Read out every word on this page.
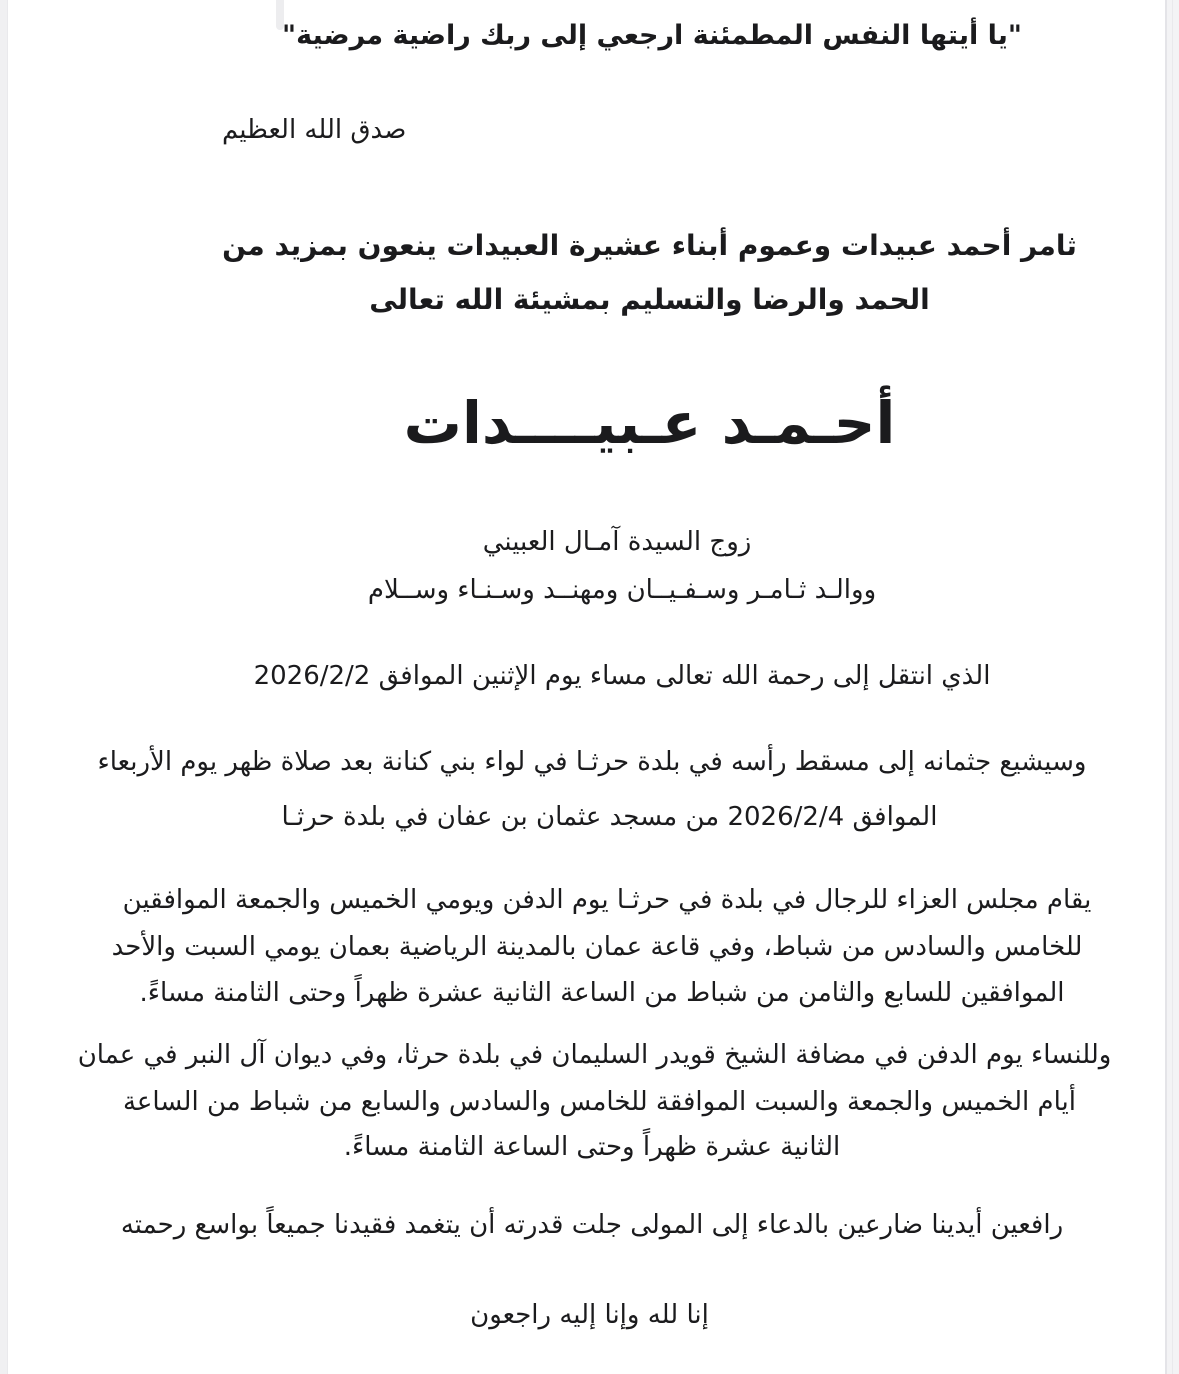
"يا أيتها النفس المطمئنة ارجعي إلى ربك راضية مرضية"
صدق الله العظيم
ثامر أحمد عبيدات وعموم أبناء عشيرة العبيدات ينعون بمزيد من
الحمد والرضا والتسليم بمشيئة الله تعالى
أحـمـد عـبيــــدات
زوج السيدة آمـال العبيني
ووالـد ثـامـر وسـفـيــان ومهنــد وسـنـاء وســلام
الذي انتقل إلى رحمة الله تعالى مساء يوم الإثنين الموافق 2026/2/2
وسيشيع جثمانه إلى مسقط رأسه في بلدة حرثـا في لواء بني كنانة بعد صلاة ظهر يوم الأربعاء
الموافق 2026/2/4 من مسجد عثمان بن عفان في بلدة حرثـا
يقام مجلس العزاء للرجال في بلدة في حرثـا يوم الدفن ويومي الخميس والجمعة الموافقين
للخامس والسادس من شباط، وفي قاعة عمان بالمدينة الرياضية بعمان يومي السبت والأحد
الموافقين للسابع والثامن من شباط من الساعة الثانية عشرة ظهراً وحتى الثامنة مساءً.
وللنساء يوم الدفن في مضافة الشيخ قويدر السليمان في بلدة حرثا، وفي ديوان آل النبر في عمان
أيام الخميس والجمعة والسبت الموافقة للخامس والسادس والسابع من شباط من الساعة
الثانية عشرة ظهراً وحتى الساعة الثامنة مساءً.
رافعين أيدينا ضارعين بالدعاء إلى المولى جلت قدرته أن يتغمد فقيدنا جميعاً بواسع رحمته
إنا لله وإنا إليه راجعون
